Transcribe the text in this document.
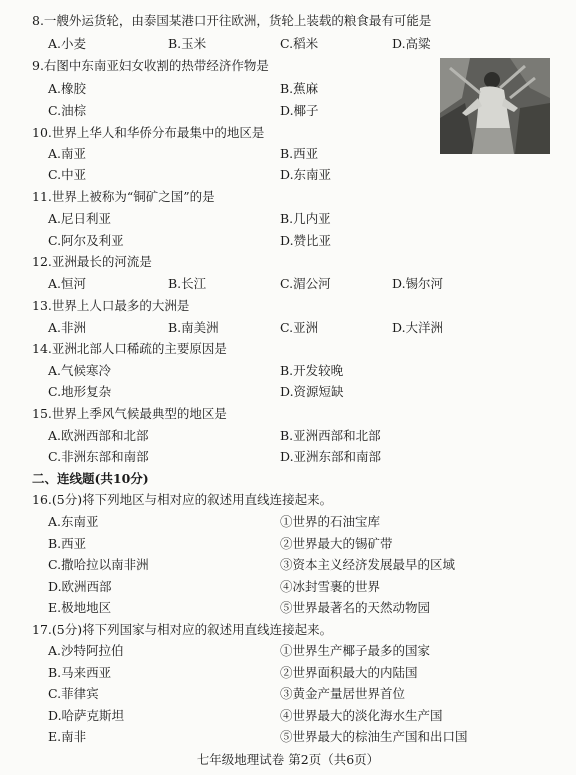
8.一艘外运货轮，由泰国某港口开往欧洲，货轮上装载的粮食最有可能是
A.小麦	B.玉米	C.稻米	D.高粱
9.右图中东南亚妇女收割的热带经济作物是
A.橡胶	B.蕉麻
C.油棕	D.椰子
10.世界上华人和华侨分布最集中的地区是
A.南亚	B.西亚
C.中亚	D.东南亚
11.世界上被称为“铜矿之国”的是
A.尼日利亚	B.几内亚
C.阿尔及利亚	D.赞比亚
12.亚洲最长的河流是
A.恒河	B.长江	C.湄公河	D.锡尔河
13.世界上人口最多的大洲是
A.非洲	B.南美洲	C.亚洲	D.大洋洲
14.亚洲北部人口稀疏的主要原因是
A.气候寒冷	B.开发较晚
C.地形复杂	D.资源短缺
15.世界上季风气候最典型的地区是
A.欧洲西部和北部	B.亚洲西部和北部
C.非洲东部和南部	D.亚洲东部和南部
二、连线题(共10分)
16.(5分)将下列地区与相对应的叙述用直线连接起来。
A.东南亚	①世界的石油宝库
B.西亚	②世界最大的锡矿带
C.撒哈拉以南非洲	③资本主义经济发展最早的区域
D.欧洲西部	④冰封雪裹的世界
E.极地地区	⑤世界最著名的天然动物园
17.(5分)将下列国家与相对应的叙述用直线连接起来。
A.沙特阿拉伯	①世界生产椰子最多的国家
B.马来西亚	②世界面积最大的内陆国
C.菲律宾	③黄金产量居世界首位
D.哈萨克斯坦	④世界最大的淡化海水生产国
E.南非	⑤世界最大的棕油生产国和出口国
七年级地理试卷 第2页（共6页）
